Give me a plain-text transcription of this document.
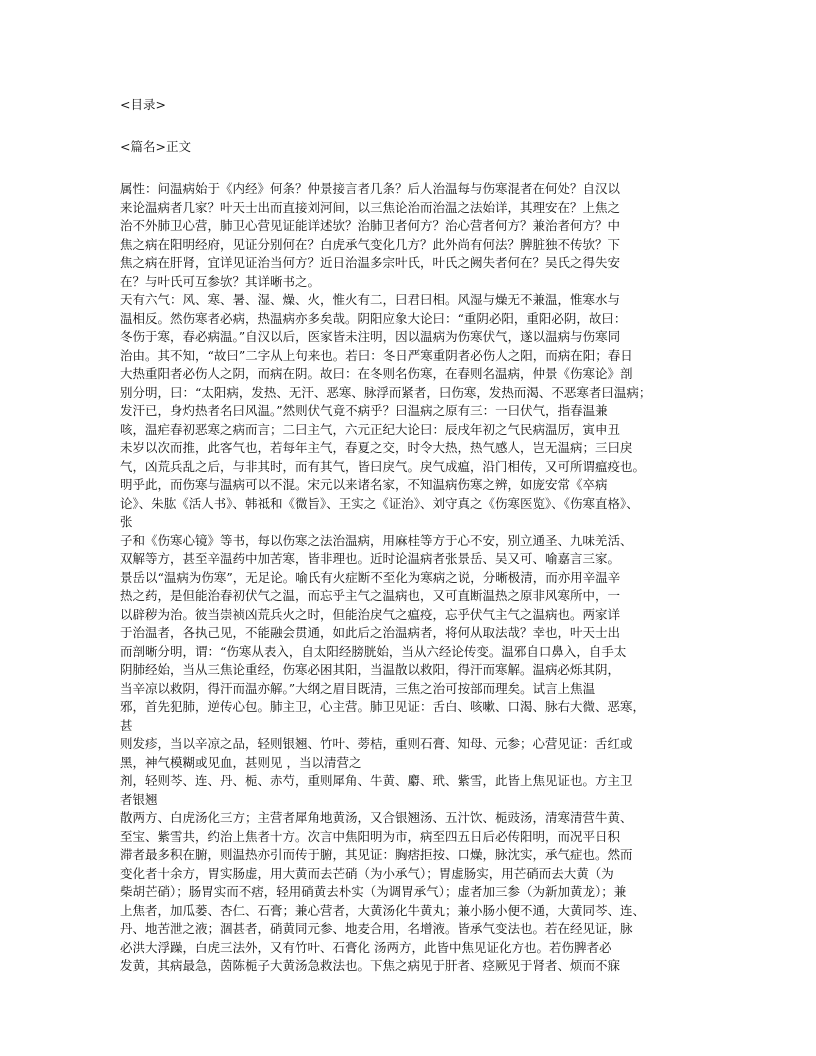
<目录>

<篇名>正文

属性：问温病始于《内经》何条？仲景接言者几条？后人治温每与伤寒混者在何处？自汉以
来论温病者几家？叶天士出而直接刘河间，以三焦论治而治温之法始详，其理安在？上焦之
治不外肺卫心营，肺卫心营见证能详述欤？治肺卫者何方？治心营者何方？兼治者何方？中
焦之病在阳明经府，见证分别何在？白虎承气变化几方？此外尚有何法？脾脏独不传欤？下
焦之病在肝肾，宜详见证治当何方？近日治温多宗叶氏，叶氏之阙失者何在？吴氏之得失安
在？与叶氏可互参欤？其详晰书之。
天有六气：风、寒、暑、湿、燥、火，惟火有二，曰君曰相。风湿与燥无不兼温，惟寒水与
温相反。然伤寒者必病，热温病亦多矣哉。阴阳应象大论曰：“重阴必阳，重阳必阴，故曰：
冬伤于寒，春必病温。”自汉以后，医家皆未注明，因以温病为伤寒伏气，遂以温病与伤寒同
治由。其不知，“故曰”二字从上句来也。若曰：冬日严寒重阴者必伤人之阳，而病在阳；春日
大热重阳者必伤人之阴，而病在阴。故曰：在冬则名伤寒，在春则名温病，仲景《伤寒论》剖
别分明，曰：“太阳病，发热、无汗、恶寒、脉浮而紧者，曰伤寒，发热而渴、不恶寒者曰温病；
发汗已，身灼热者名曰风温。”然则伏气竟不病乎？曰温病之原有三：一曰伏气，指春温兼
咳，温疟春初恶寒之病而言；二曰主气，六元正纪大论曰：辰戌年初之气民病温厉，寅申丑
未岁以次而推，此客气也，若每年主气，春夏之交，时令大热，热气感人，岂无温病；三曰戾
气，凶荒兵乱之后，与非其时，而有其气，皆曰戾气。戾气成瘟，沿门相传，又可所谓瘟疫也。
明乎此，而伤寒与温病可以不混。宋元以来诸名家，不知温病伤寒之辨，如庞安常《卒病
论》、朱肱《活人书》、韩祗和《微旨》、王实之《证治》、刘守真之《伤寒医览》、《伤寒直格》、
张
子和《伤寒心镜》等书，每以伤寒之法治温病，用麻桂等方于心不安，别立通圣、九味羌活、
双解等方，甚至辛温药中加苦寒，皆非理也。近时论温病者张景岳、吴又可、喻嘉言三家。
景岳以“温病为伤寒”，无足论。喻氏有火症断不至化为寒病之说，分晰极清，而亦用辛温辛
热之药，是但能治春初伏气之温，而忘乎主气之温病也，又可直断温热之原非风寒所中，一
以辟秽为治。彼当崇祯凶荒兵火之时，但能治戾气之瘟疫，忘乎伏气主气之温病也。两家详
于治温者，各执己见，不能融会贯通，如此后之治温病者，将何从取法哉？幸也，叶天士出
而剖晰分明，谓：“伤寒从表入，自太阳经膀胱始，当从六经论传变。温邪自口鼻入，自手太
阴肺经始，当从三焦论重经，伤寒必困其阳，当温散以救阳，得汗而寒解。温病必烁其阴，
当辛凉以救阴，得汗而温亦解。”大纲之眉目既清，三焦之治可按部而理矣。试言上焦温
邪，首先犯肺，逆传心包。肺主卫，心主营。肺卫见证：舌白、咳嗽、口渴、脉右大微、恶寒，
甚
则发疹，当以辛凉之品，轻则银翘、竹叶、蒡桔，重则石膏、知母、元参；心营见证：舌红或
黑，神气模糊或见血，甚则见 ，当以清营之
剂，轻则芩、连、丹、栀、赤芍，重则犀角、牛黄、麝、玳、紫雪，此皆上焦见证也。方主卫
者银翘
散两方、白虎汤化三方；主营者犀角地黄汤，又合银翘汤、五汁饮、栀豉汤，清寒清营牛黄、
至宝、紫雪共，约治上焦者十方。次言中焦阳明为市，病至四五日后必传阳明，而况平日积
滞者最多积在腑，则温热亦引而传于腑，其见证：胸痞拒按、口燥，脉沈实，承气症也。然而
变化者十余方，胃实肠虚，用大黄而去芒硝（为小承气）；胃虚肠实，用芒硝而去大黄（为
柴胡芒硝）；肠胃实而不痞，轻用硝黄去朴实（为调胃承气）；虚者加三参（为新加黄龙）；兼
上焦者，加瓜蒌、杏仁、石膏；兼心营者，大黄汤化牛黄丸；兼小肠小便不通，大黄同芩、连、
丹、地苦泄之液；涸甚者，硝黄同元参、地麦合用，名增液。皆承气变法也。若在经见证，脉
必洪大浮躁，白虎三法外，又有竹叶、石膏化 汤两方，此皆中焦见证化方也。若伤脾者必
发黄，其病最急，茵陈栀子大黄汤急救法也。下焦之病见于肝者、痉厥见于肾者、烦而不寐
